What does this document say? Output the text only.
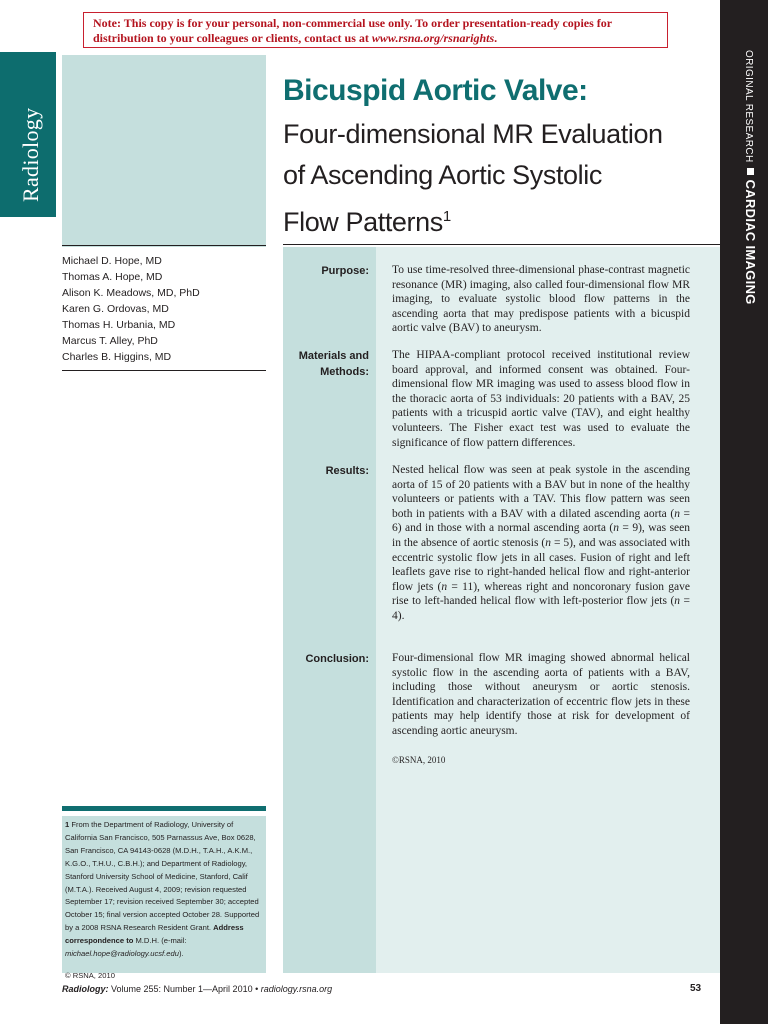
Note: This copy is for your personal, non-commercial use only. To order presentation-ready copies for
distribution to your colleagues or clients, contact us at www.rsna.org/rsnarights.
Radiology	ORIGINAL RESEARCHCARDIAC IMAGING
Bicuspid Aortic Valve:
Four-dimensional MR Evaluation
of Ascending Aortic Systolic
Flow Patterns$^1$
Michael D. Hope, MD
Thomas A. Hope, MD
Alison K. Meadows, MD, PhD
Karen G. Ordovas, MD
Thomas H. Urbania, MD
Marcus T. Alley, PhD
Charles B. Higgins, MD
Purpose: To use time-resolved three-dimensional phase-contrast magnetic resonance (MR) imaging, also called four-dimensional flow MR imaging, to evaluate systolic blood flow patterns in the ascending aorta that may predispose patients with a bicuspid aortic valve (BAV) to aneurysm.
Materials and
Methods:
The HIPAA-compliant protocol received institutional review board approval, and informed consent was obtained. Four-dimensional flow MR imaging was used to assess blood flow in the thoracic aorta of 53 individuals: 20 patients with a BAV, 25 patients with a tricuspid aortic valve (TAV), and eight healthy volunteers. The Fisher exact test was used to evaluate the significance of flow pattern differences.
Results: Nested helical flow was seen at peak systole in the ascending aorta of 15 of 20 patients with a BAV but in none of the healthy volunteers or patients with a TAV. This flow pattern was seen both in patients with a BAV with a dilated ascending aorta (n = 6) and in those with a normal ascending aorta (n = 9), was seen in the absence of aortic stenosis (n = 5), and was associated with eccentric systolic flow jets in all cases. Fusion of right and left leaflets gave rise to right-handed helical flow and right-anterior flow jets (n = 11), whereas right and noncoronary fusion gave rise to left-handed helical flow with left-posterior flow jets (n = 4).
Conclusion: Four-dimensional flow MR imaging showed abnormal helical systolic flow in the ascending aorta of patients with a BAV, including those without aneurysm or aortic stenosis. Identification and characterization of eccentric flow jets in these patients may help identify those at risk for development of ascending aortic aneurysm.
©RSNA, 2010
1 From the Department of Radiology, University of California San Francisco, 505 Parnassus Ave, Box 0628, San Francisco, CA 94143-0628 (M.D.H., T.A.H., A.K.M., K.G.O., T.H.U., C.B.H.); and Department of Radiology, Stanford University School of Medicine, Stanford, Calif (M.T.A.). Received August 4, 2009; revision requested September 17; revision received September 30; accepted October 15; final version accepted October 28. Supported by a 2008 RSNA Research Resident Grant. Address correspondence to M.D.H. (e-mail: michael.hope@radiology.ucsf.edu).
© RSNA, 2010
Radiology: Volume 255: Number 1—April 2010 • radiology.rsna.org	53
